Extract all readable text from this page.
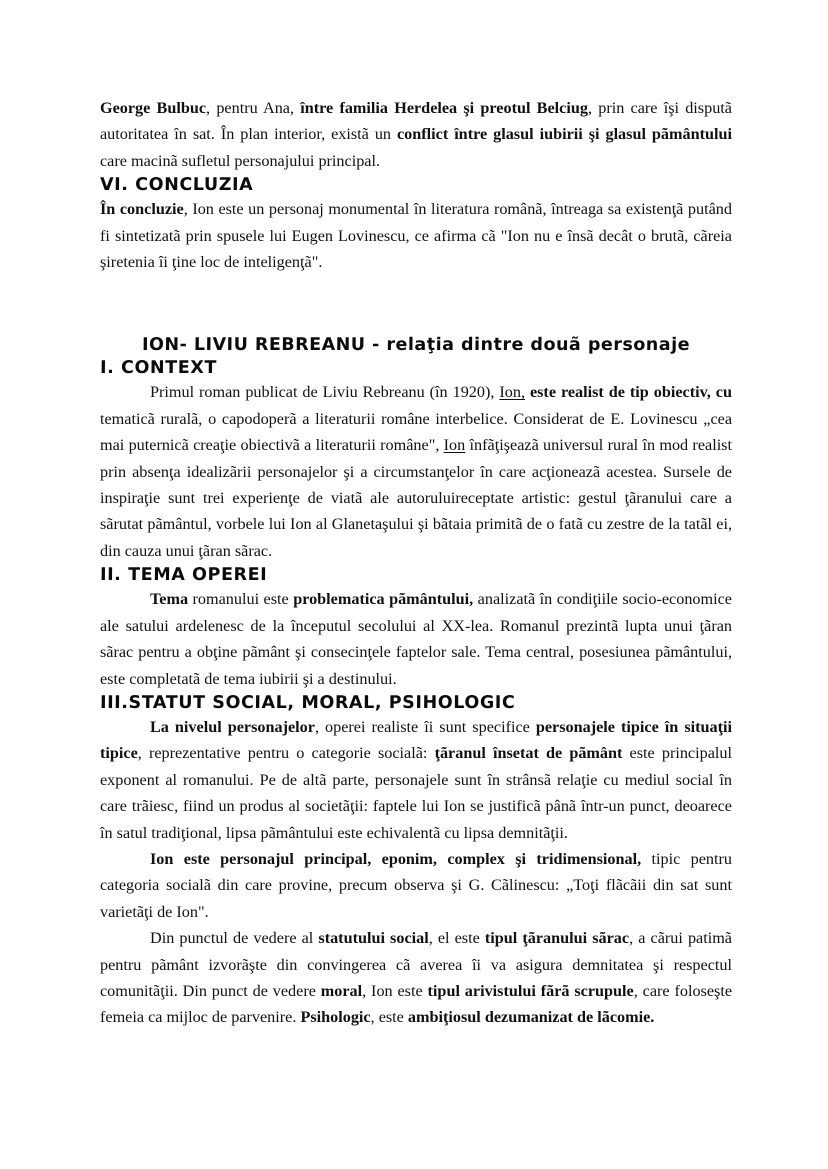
George Bulbuc, pentru Ana, între familia Herdelea şi preotul Belciug, prin care îşi disputã autoritatea în sat. În plan interior, existã un conflict între glasul iubirii şi glasul pãmântului care macinã sufletul personajului principal.

VI. CONCLUZIA

În concluzie, Ion este un personaj monumental în literatura românã, întreaga sa existenţã putând fi sintetizatã prin spusele lui Eugen Lovinescu, ce afirma cã "Ion nu e însã decât o brutã, cãreia şiretenia îi ţine loc de inteligenţã".

ION- LIVIU REBREANU - relaţia dintre douã personaje
I. CONTEXT

Primul roman publicat de Liviu Rebreanu (în 1920), Ion, este realist de tip obiectiv, cu tematicã ruralã, o capodoperã a literaturii române interbelice. Considerat de E. Lovinescu „cea mai puternicã creaţie obiectivã a literaturii române", Ion înfãţişeazã universul rural în mod realist prin absenţa idealizãrii personajelor şi a circumstanţelor în care acţioneazã acestea. Sursele de inspiraţie sunt trei experienţe de viatã ale autoruluireceptate artistic: gestul ţãranului care a sãrutat pãmântul, vorbele lui Ion al Glanetaşului şi bãtaia primitã de o fatã cu zestre de la tatãl ei, din cauza unui ţãran sãrac.

II. TEMA OPEREI

Tema romanului este problematica pãmântului, analizatã în condiţiile socio-economice ale satului ardelenesc de la începutul secolului al XX-lea. Romanul prezintã lupta unui ţãran sãrac pentru a obţine pãmânt şi consecinţele faptelor sale. Tema central, posesiunea pãmântului, este completatã de tema iubirii şi a destinului.

III.STATUT SOCIAL, MORAL, PSIHOLOGIC

La nivelul personajelor, operei realiste îi sunt specifice personajele tipice în situaţii tipice, reprezentative pentru o categorie socialã: ţãranul însetat de pãmânt este principalul exponent al romanului. Pe de altã parte, personajele sunt în strânsã relaţie cu mediul social în care trãiesc, fiind un produs al societãţii: faptele lui Ion se justificã pânã într-un punct, deoarece în satul tradiţional, lipsa pãmântului este echivalentã cu lipsa demnitãţii.

Ion este personajul principal, eponim, complex şi tridimensional, tipic pentru categoria socialã din care provine, precum observa şi G. Cãlinescu: „Toţi flãcãii din sat sunt varietãţi de Ion".

Din punctul de vedere al statutului social, el este tipul ţãranului sãrac, a cãrui patimã pentru pãmânt izvorãşte din convingerea cã averea îi va asigura demnitatea şi respectul comunitãţii. Din punct de vedere moral, Ion este tipul arivistului fãrã scrupule, care foloseşte femeia ca mijloc de parvenire. Psihologic, este ambiţiosul dezumanizat de lãcomie.
